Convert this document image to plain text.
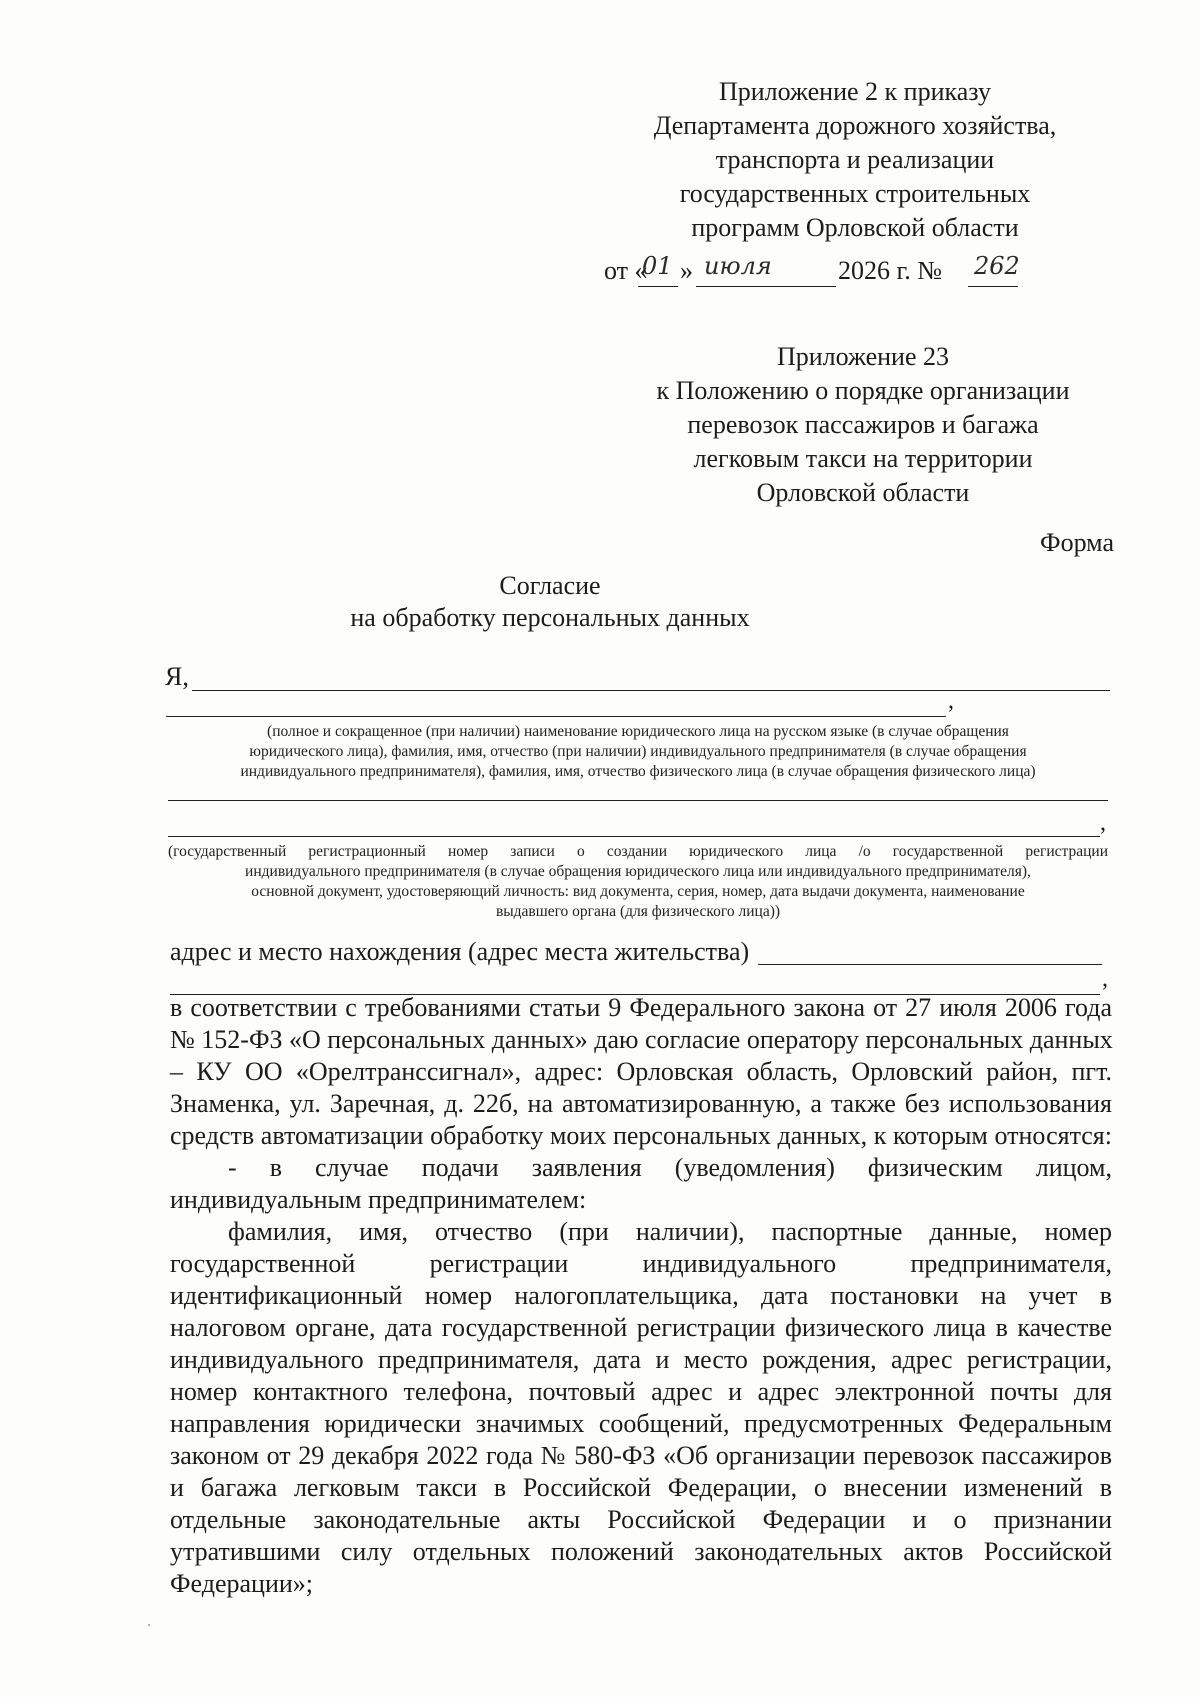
Приложение 2 к приказу
Департамента дорожного хозяйства,
транспорта и реализации
государственных строительных
программ Орловской области
от «
01 » июля	2026 г. № 262
Приложение 23
к Положению о порядке организации
перевозок пассажиров и багажа
легковым такси на территории
Орловской области
Форма
Согласие
на обработку персональных данных
Я,
,
(полное и сокращенное (при наличии) наименование юридического лица на русском языке (в случае обращения
юридического лица), фамилия, имя, отчество (при наличии) индивидуального предпринимателя (в случае обращения
индивидуального предпринимателя), фамилия, имя, отчество физического лица (в случае обращения физического лица)
,
(государственный регистрационный номер записи о создании юридического лица /о государственной регистрации
индивидуального предпринимателя (в случае обращения юридического лица или индивидуального предпринимателя),
основной документ, удостоверяющий личность: вид документа, серия, номер, дата выдачи документа, наименование
выдавшего органа (для физического лица))
адрес и место нахождения (адрес места жительства)
,
в соответствии с требованиями статьи 9 Федерального закона от 27 июля 2006 года
№ 152-ФЗ «О персональных данных» даю согласие оператору персональных данных
– КУ ОО «Орелтранссигнал», адрес: Орловская область, Орловский район, пгт.
Знаменка, ул. Заречная, д. 22б, на автоматизированную, а также без использования
средств автоматизации обработку моих персональных данных, к которым относятся:
- в случае подачи заявления (уведомления) физическим лицом,
индивидуальным предпринимателем:
фамилия, имя, отчество (при наличии), паспортные данные, номер
государственной регистрации индивидуального предпринимателя,
идентификационный номер налогоплательщика, дата постановки на учет в
налоговом органе, дата государственной регистрации физического лица в качестве
индивидуального предпринимателя, дата и место рождения, адрес регистрации,
номер контактного телефона, почтовый адрес и адрес электронной почты для
направления юридически значимых сообщений, предусмотренных Федеральным
законом от 29 декабря 2022 года № 580-ФЗ «Об организации перевозок пассажиров
и багажа легковым такси в Российской Федерации, о внесении изменений в
отдельные законодательные акты Российской Федерации и о признании
утратившими силу отдельных положений законодательных актов Российской
Федерации»;
